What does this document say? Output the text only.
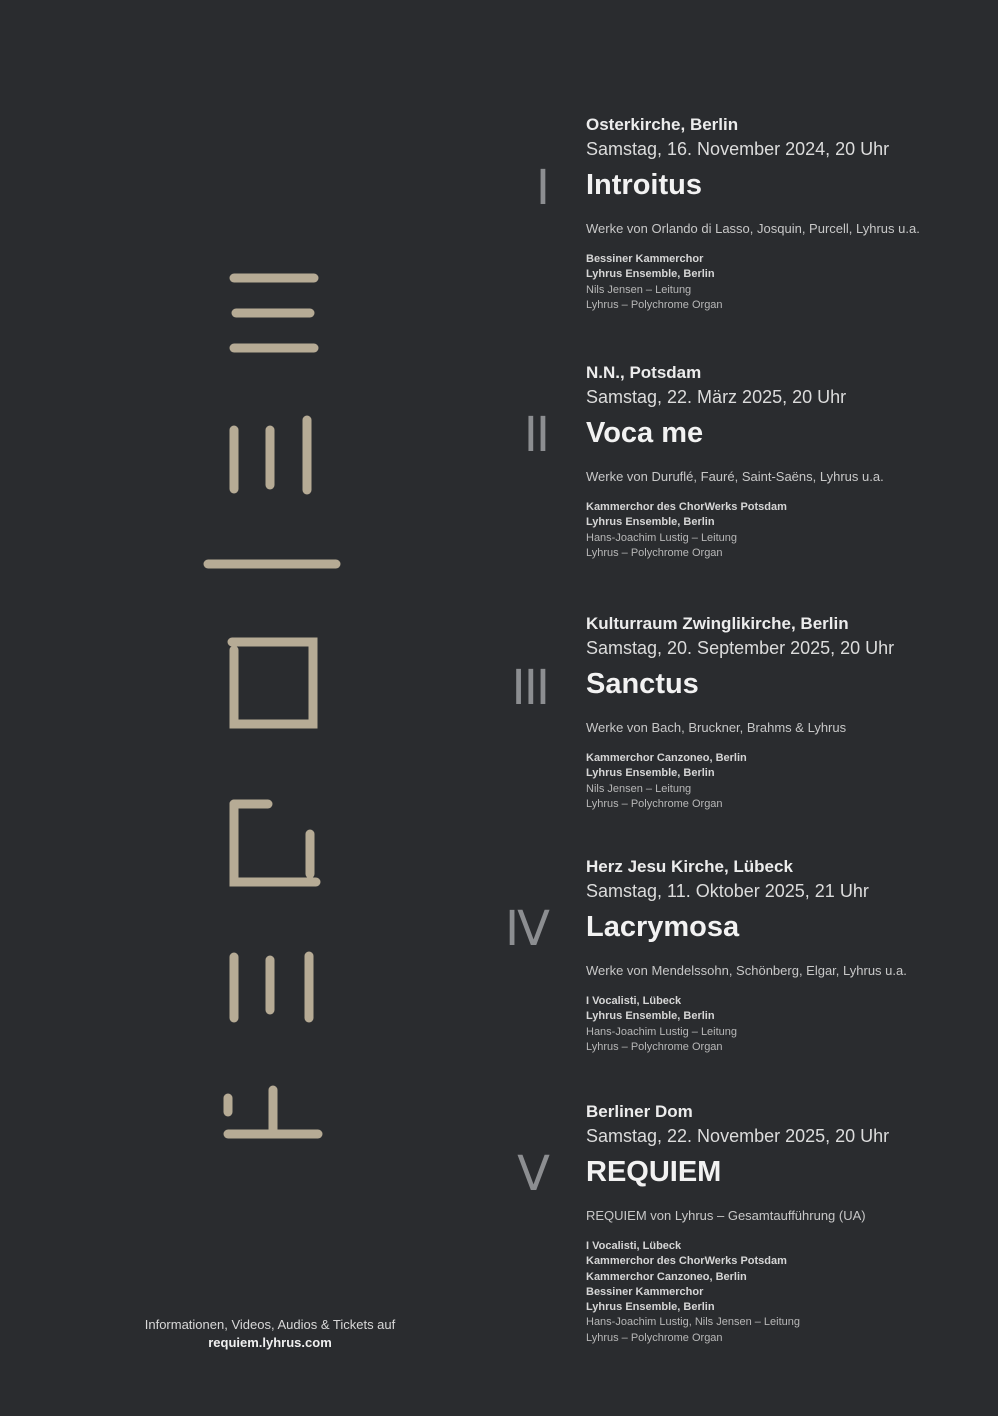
Informationen, Videos, Audios & Tickets auf
requiem.lyhrus.com
I

Osterkirche, Berlin

Samstag, 16. November 2024, 20 Uhr

Introitus

Werke von Orlando di Lasso, Josquin, Purcell, Lyhrus u.a.

Bessiner Kammerchor
Lyhrus Ensemble, Berlin
Nils Jensen – Leitung
Lyhrus – Polychrome Organ
II

N.N., Potsdam

Samstag, 22. März 2025, 20 Uhr

Voca me

Werke von Duruflé, Fauré, Saint-Saëns, Lyhrus u.a.

Kammerchor des ChorWerks Potsdam
Lyhrus Ensemble, Berlin
Hans-Joachim Lustig – Leitung
Lyhrus – Polychrome Organ
III

Kulturraum Zwinglikirche, Berlin

Samstag, 20. September 2025, 20 Uhr

Sanctus

Werke von Bach, Bruckner, Brahms & Lyhrus

Kammerchor Canzoneo, Berlin
Lyhrus Ensemble, Berlin
Nils Jensen – Leitung
Lyhrus – Polychrome Organ
IV

Herz Jesu Kirche, Lübeck

Samstag, 11. Oktober 2025, 21 Uhr

Lacrymosa

Werke von Mendelssohn, Schönberg, Elgar, Lyhrus u.a.

I Vocalisti, Lübeck
Lyhrus Ensemble, Berlin
Hans-Joachim Lustig – Leitung
Lyhrus – Polychrome Organ
V

Berliner Dom

Samstag, 22. November 2025, 20 Uhr

REQUIEM

REQUIEM von Lyhrus – Gesamtaufführung (UA)

I Vocalisti, Lübeck
Kammerchor des ChorWerks Potsdam
Kammerchor Canzoneo, Berlin
Bessiner Kammerchor
Lyhrus Ensemble, Berlin
Hans-Joachim Lustig, Nils Jensen – Leitung
Lyhrus – Polychrome Organ
